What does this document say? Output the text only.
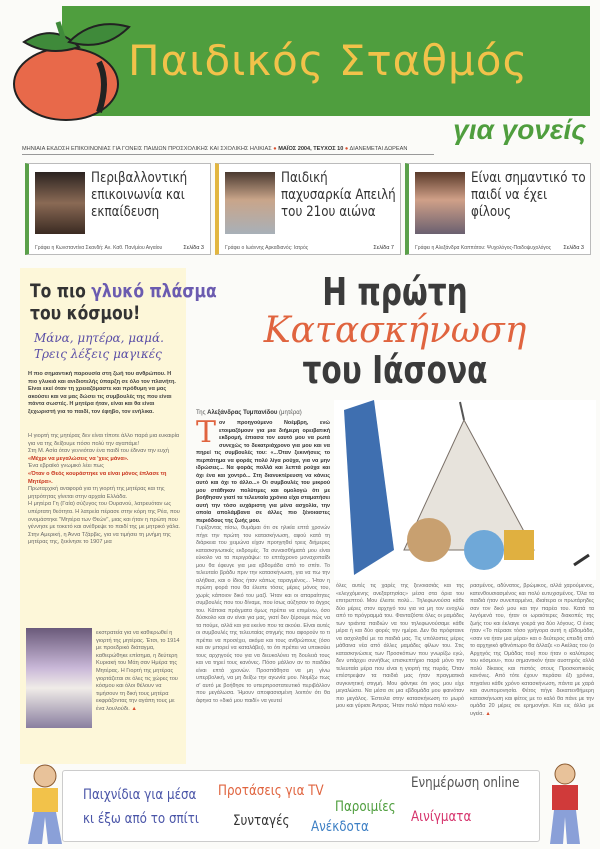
Παιδικός Σταθμός
για γονείς
ΜΗΝΙΑΙΑ ΕΚΔΟΣΗ ΕΠΙΚΟΙΝΩΝΙΑΣ ΓΙΑ ΓΟΝΕΙΣ ΠΑΙΔΙΩΝ ΠΡΟΣΧΟΛΙΚΗΣ ΚΑΙ ΣΧΟΛΙΚΗΣ ΗΛΙΚΙΑΣ ● ΜΑΪΟΣ 2004, ΤΕΥΧΟΣ 10 ● ΔΙΑΝΕΜΕΤΑΙ ΔΩΡΕΑΝ
Περιβαλλοντική επικοινωνία και εκπαίδευση
Γράφει η Κωνσταντίνα Σκανδή: Αν. Καθ. Παν/μίου Αιγαίου	Σελίδα 3
Παιδική παχυσαρκία Απειλή του 21ου αιώνα
Γράφει ο Ιωάννης Αρκαδιανός: Ιατρός	Σελίδα 7
Είναι σημαντικό το παιδί να έχει φίλους
Γράφει η Αλεξάνδρα Καππάτου: Ψυχολόγος-Παιδοψυχολόγος Σελίδα 3
Το πιο γλυκό πλάσμα
του κόσμου!
Μάνα, μητέρα, μαμά.
Τρεις λέξεις μαγικές
Η πιο σημαντική παρουσία στη ζωή του ανθρώπου. Η πιο γλυκιά και ανιδιοτελής ύπαρξη σε όλο τον πλανήτη. Είναι εκεί όταν τη χρειαζόμαστε και πρόθυμη να μας ακούσει και να μας δώσει τις συμβουλές της που είναι πάντα σωστές. Η μητέρα ήταν, είναι και θα είναι ξεχωριστή για το παιδί, τον έφηβο, τον ενήλικα.
Η γιορτή της μητέρας δεν είναι τίποτε άλλο παρά μια ευκαιρία για να της δείξουμε πόσο πολύ την αγαπάμε!
Στη Μ. Ασία όταν γεννιόταν ένα παιδί του έδιναν την ευχή
«Μέχρι να μεγαλώσεις να 'χεις μάνα».
Ένα εβραϊκό γνωμικό λέει πως
«Όταν ο Θεός κουράστηκε να είναι μόνος έπλασε τη Μητέρα».
Πρωταρχική αναφορά για τη γιορτή της μητέρας και της μητρότητας γίνεται στην αρχαία Ελλάδα.
Η μητέρα Γη (Γαία) σύζυγος του Ουρανού, λατρευόταν ως υπέρτατη θεότητα. Η λατρεία πέρασε στην κόρη της Ρέα, που ονομάστηκε "Μητέρα των Θεών", μιας και ήταν η πρώτη που γέννησε με τοκετό και ανέθρεψε το παιδί της με μητρικό γάλα.
Στην Αμερική, η Άννα Τζάρβις, για να τιμήσει τη μνήμη της μητέρας της, ξεκίνησε το 1907 μια
εκστρατεία για να καθιερωθεί η γιορτή της μητέρας. Έτσι, το 1914 με προεδρικό διάταγμα, καθιερώθηκε επίσημα, η δεύτερη Κυριακή του Μάη σαν Ημέρα της Μητέρας. Η Γιορτή της μητέρας γιορτάζεται σε όλες τις χώρες του κόσμου και όλοι θέλουν να τιμήσουν τη δική τους μητέρα εκφράζοντας την αγάπη τους με ένα λουλούδι. ▲
Η πρώτη
Κατασκήνωση
του Ιάσονα
Της Αλεξάνδρας Τυμπανίδου (μητέρα)
Τ ον προηγούμενο Νοέμβρη, ενώ ετοιμαζόμουν για μια διήμερη ορειβατική εκδρομή, έπιασα τον εαυτό μου να ρωτά συνεχώς το δεκατριάχρονο για μου και να πηρεί τις συμβουλές του: «...Όταν ξεκινήσεις το περπάτημα να φοράς πολύ λίγα ρούχα, για να μην ιδρώσεις... Να φοράς πολλά και λεπτά ρούχα και όχι ένα και χοντρό... Στη διανυκτέρευση να κάνεις αυτό και όχι το άλλο...» Οι συμβουλές του μικρού μου στάθηκαν πολύτιμες και ομολογώ ότι με βοήθησαν γιατί τα τελευταία χρόνια είχα σταματήσει αυτή την τόσο ευχάριστη για μένα ασχολία, την οποία απολάμβανα σε άλλες πιο ξένοιαστες περιόδους της ζωής μου.
Γυρίζοντας πίσω, θυμάμαι ότι σε ηλικία επτά χρονών πήγε την πρώτη του κατασκήνωση, αφού κατά τη διάρκεια του χειμώνα είχαν προηγηθεί τρεις διήμερες κατασκηνωτικές εκδρομές. Τα συναισθήματά μου είναι εύκολο να τα περιγράψω: το επτάχρονο μοναχοπαίδι μου θα έφευγε για μια εβδομάδα από το σπίτι. Το τελευταίο βράδυ πριν την κατασκήνωση, για να πω την αλήθεια, και ο ίδιος ήταν κάπως ταραγμένος... Ήταν η πρώτη φορά που θα έλειπε τόσες μέρες μόνος του, χωρίς κάποιον δικό του μαζί. Ήταν και οι απαραίτητες συμβουλές που του δίναμε, που ίσως αύξησαν το άγχος του. Κάποια πράγματα όμως πρέπει να επιμένω, όσο δύσκολο και αν είναι για μας, γιατί δεν ξέρουμε πώς να τα πούμε, αλλά και για εκείνο που τα ακούει. Είναι αυτές οι συμβουλές της τελευταίας στιγμής που αφορούν το τι πρέπει να προσέχει, ακόμα και τους ανθρώπους (όσο και αν μπορεί να καταλάβει), το ότι πρέπει να υπακούει τους αρχηγούς του για να διευκολύνει τη δουλειά τους και να τηρεί τους κανόνες. Πόσο μάλλον αν το παιδάκι είναι επτά χρονών. Προσπάθησα να μη γίνω υπερβολική, να μη δείξω την αγωνία μου. Νομίζω πως σ' αυτό με βοήθησε το υπερπροστατευτικό περιβάλλον που μεγάλωσα. Ήμουν αποφασισμένη λοιπόν ότι θα άφηνα το «δικό μου παιδί» να γευτεί
όλες αυτές τις χαρές της ξενοιασιάς και της «ελεγχόμενης ανεξαρτησίας» μέσα στα όρια του επιτρεπτού. Μου έλειπε πολύ... Τηλεφωνούσα κάθε δύο μέρες στον αρχηγό του για να μη τον ενοχλώ από το πρόγραμμά του. Φανταζόστε όλες οι μαμάδες των τριάντα παιδιών να του τηλεφωνούσαμε κάθε μέρα ή και δύο φορές την ημέρα. Δεν θα πρόφταινε να ασχοληθεί με τα παιδιά μας. Τις υπόλοιπες μέρες μάθαινα νέα από άλλες μαμάδες φίλων του. Στις κατασκηνώσεις των Προσκόπων που γνωρίζω εγώ, δεν υπάρχει συνήθως επισκεπτήριο παρά μόνο την τελευταία μέρα που είναι η γιορτή της πυράς. Όταν επέστρεψαν τα παιδιά μας ήταν πραγματικά συγκινητική στιγμή. Μου φάνηκε ότι γιος μου είχε μεγαλώσει. Να μέσα σε μια εβδομάδα μου φαινόταν πιο μεγάλος. Έστειλα στην κατασκήνωση το μωρό μου και γύρισε Άντρας. Ήταν πολύ πάρα πολύ κου-
ρασμένος, αδύνατος, βρώμικος, αλλά χαρούμενος, κατενθουσιασμένος και πολύ ευτυχισμένος. Όλα τα παιδιά ήταν συνεπαρμένα, ιδιαίτερα οι πρωτάρηδες σαν τον δικό μου και την παρέα του. Κατά τα λεγόμενά του, ήταν οι ωραιότερες διακοπές της ζωής του και έκλαιγε γοερά για δύο λόγους. Ο ένας ήταν «Το πέρασε τόσο γρήγορα αυτή η εβδομάδα, «σαν να ήταν μια μέρα» και ο δεύτερος επειδή από το αρχηγικό φθινόπωρο θα άλλαζε «ο Ακέλας του (ο Αρχηγός της Ομάδας του) που ήταν ο καλύτερος του κόσμου», που σημαντικόν ήταν αυστηρός αλλά πολύ δίκαιος και πιστός στους Προσκοπικούς κανόνες. Από τότε έχουν περάσει έξι χρόνια, πηγαίνει κάθε χρόνο κατασκήνωση, πάντα με χαρά και ανυπομονησία. Φέτος πήγε δεκαπενθήμερη κατασκήνωση και φέτος με το καλό θα πάνε με την ομάδα 20 μέρες σε ερημονήσι. Και εις άλλα με υγεία. ▲
Παιχνίδια για μέσα
κι έξω από το σπίτι
Προτάσεις για TV
Συνταγές
Παροιμίες
Ανέκδοτα
Ενημέρωση online
Αινίγματα
